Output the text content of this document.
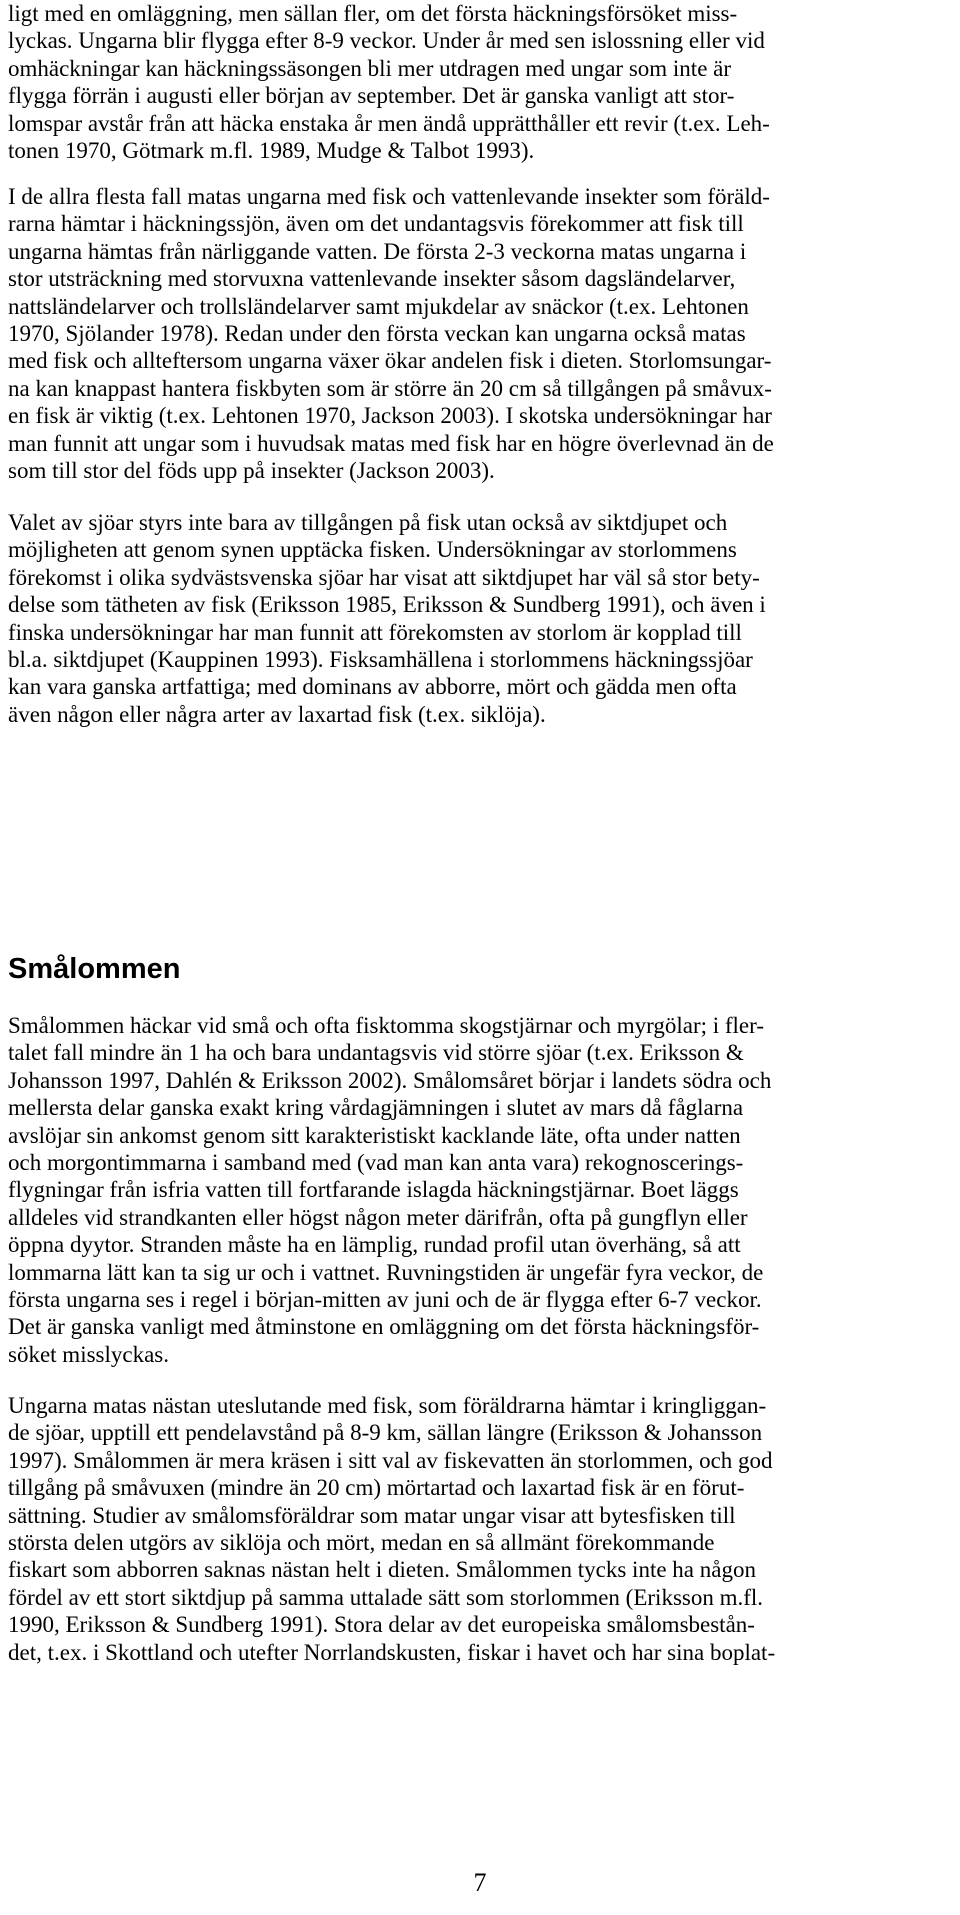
ligt med en omläggning, men sällan fler, om det första häckningsförsöket miss-
lyckas. Ungarna blir flygga efter 8-9 veckor. Under år med sen islossning eller vid
omhäckningar kan häckningssäsongen bli mer utdragen med ungar som inte är
flygga förrän i augusti eller början av september. Det är ganska vanligt att stor-
lomspar avstår från att häcka enstaka år men ändå upprätthåller ett revir (t.ex. Leh-
tonen 1970, Götmark m.fl. 1989, Mudge & Talbot 1993).
I de allra flesta fall matas ungarna med fisk och vattenlevande insekter som föräld-
rarna hämtar i häckningssjön, även om det undantagsvis förekommer att fisk till
ungarna hämtas från närliggande vatten. De första 2-3 veckorna matas ungarna i
stor utsträckning med storvuxna vattenlevande insekter såsom dagsländelarver,
nattsländelarver och trollsländelarver samt mjukdelar av snäckor (t.ex. Lehtonen
1970, Sjölander 1978). Redan under den första veckan kan ungarna också matas
med fisk och allteftersom ungarna växer ökar andelen fisk i dieten. Storlomsungar-
na kan knappast hantera fiskbyten som är större än 20 cm så tillgången på småvux-
en fisk är viktig (t.ex. Lehtonen 1970, Jackson 2003). I skotska undersökningar har
man funnit att ungar som i huvudsak matas med fisk har en högre överlevnad än de
som till stor del föds upp på insekter (Jackson 2003).
Valet av sjöar styrs inte bara av tillgången på fisk utan också av siktdjupet och
möjligheten att genom synen upptäcka fisken. Undersökningar av storlommens
förekomst i olika sydvästsvenska sjöar har visat att siktdjupet har väl så stor bety-
delse som tätheten av fisk (Eriksson 1985, Eriksson & Sundberg 1991), och även i
finska undersökningar har man funnit att förekomsten av storlom är kopplad till
bl.a. siktdjupet (Kauppinen 1993). Fisksamhällena i storlommens häckningssjöar
kan vara ganska artfattiga; med dominans av abborre, mört och gädda men ofta
även någon eller några arter av laxartad fisk (t.ex. siklöja).
Smålommen
Smålommen häckar vid små och ofta fisktomma skogstjärnar och myrgölar; i fler-
talet fall mindre än 1 ha och bara undantagsvis vid större sjöar (t.ex. Eriksson &
Johansson 1997, Dahlén & Eriksson 2002). Smålomsåret börjar i landets södra och
mellersta delar ganska exakt kring vårdagjämningen i slutet av mars då fåglarna
avslöjar sin ankomst genom sitt karakteristiskt kacklande läte, ofta under natten
och morgontimmarna i samband med (vad man kan anta vara) rekognoscerings-
flygningar från isfria vatten till fortfarande islagda häckningstjärnar. Boet läggs
alldeles vid strandkanten eller högst någon meter därifrån, ofta på gungflyn eller
öppna dyytor. Stranden måste ha en lämplig, rundad profil utan överhäng, så att
lommarna lätt kan ta sig ur och i vattnet. Ruvningstiden är ungefär fyra veckor, de
första ungarna ses i regel i början-mitten av juni och de är flygga efter 6-7 veckor.
Det är ganska vanligt med åtminstone en omläggning om det första häckningsför-
söket misslyckas.
Ungarna matas nästan uteslutande med fisk, som föräldrarna hämtar i kringliggan-
de sjöar, upptill ett pendelavstånd på 8-9 km, sällan längre (Eriksson & Johansson
1997). Smålommen är mera kräsen i sitt val av fiskevatten än storlommen, och god
tillgång på småvuxen (mindre än 20 cm) mörtartad och laxartad fisk är en förut-
sättning. Studier av smålomsföräldrar som matar ungar visar att bytesfisken till
största delen utgörs av siklöja och mört, medan en så allmänt förekommande
fiskart som abborren saknas nästan helt i dieten. Smålommen tycks inte ha någon
fördel av ett stort siktdjup på samma uttalade sätt som storlommen (Eriksson m.fl.
1990, Eriksson & Sundberg 1991). Stora delar av det europeiska smålomsbestån-
det, t.ex. i Skottland och utefter Norrlandskusten, fiskar i havet och har sina boplat-
7
